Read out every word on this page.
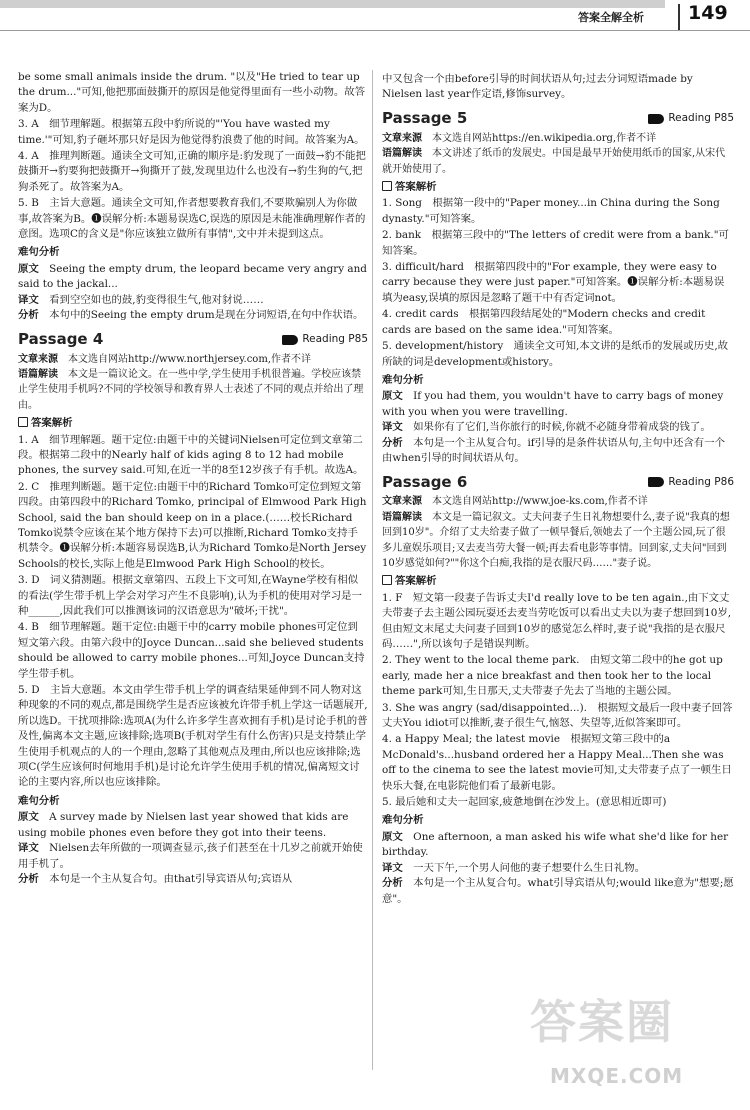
答案全解全析 149

be some small animals inside the drum. "以及"He tried to tear up the drum..."可知,他把那面鼓撕开的原因是他觉得里面有一些小动物。故答案为D。

3. A　细节理解题。根据第五段中豹所说的"'You have wasted my time.'"可知,豹子砸坏那只好是因为他觉得豹浪费了他的时间。故答案为A。

4. A　推理判断题。通读全文可知,正确的顺序是:豹发现了一面鼓→豹不能把鼓撕开→豹要狗把鼓撕开→狗撕开了鼓,发现里边什么也没有→豹生狗的气,把狗杀死了。故答案为A。

5. B　主旨大意题。通读全文可知,作者想要教育我们,不要欺骗别人为你做事,故答案为B。❶误解分析:本题易误选C,误选的原因是未能准确理解作者的意图。选项C的含义是"你应该独立做所有事情",文中并未提到这点。

难句分析

原文　 Seeing the empty drum, the leopard became very angry and said to the jackal...

译文　 看到空空如也的鼓,豹变得很生气,他对豺说……

分析　 本句中的Seeing the empty drum是现在分词短语,在句中作状语。

Passage 4	Reading P85

文章来源　 本文选自网站http://www.northjersey.com,作者不详

语篇解读　 本文是一篇议论文。在一些中学,学生使用手机很普遍。学校应该禁止学生使用手机吗?不同的学校领导和教育界人士表述了不同的观点并给出了理由。

答案解析

1. A　细节理解题。题干定位:由题干中的关键词Nielsen可定位到文章第二段。根据第二段中的Nearly half of kids aging 8 to 12 had mobile phones, the survey said.可知,在近一半的8至12岁孩子有手机。故选A。

2. C　推理判断题。题干定位:由题干中的Richard Tomko可定位到短文第四段。由第四段中的Richard Tomko, principal of Elmwood Park High School, said the ban should keep on in a place.(……校长Richard Tomko说禁令应该在某个地方保持下去)可以推断,Richard Tomko支持手机禁令。❶误解分析:本题容易误选B,认为Richard Tomko是North Jersey Schools的校长,实际上他是Elmwood Park High School的校长。

3. D　词义猜测题。根据文章第四、五段上下文可知,在Wayne学校有相似的看法(学生带手机上学会对学习产生不良影响),认为手机的使用对学习是一种______,因此我们可以推测该词的汉语意思为"破坏;干扰"。

4. B　细节理解题。题干定位:由题干中的carry mobile phones可定位到短文第六段。由第六段中的Joyce Duncan...said she believed students should be allowed to carry mobile phones...可知,Joyce Duncan支持学生带手机。

5. D　主旨大意题。本文由学生带手机上学的调查结果延伸到不同人物对这种现象的不同的观点,都是围绕学生是否应该被允许带手机上学这一话题展开,所以选D。干扰项排除:选项A(为什么许多学生喜欢拥有手机)是讨论手机的普及性,偏离本文主题,应该排除;选项B(手机对学生有什么伤害)只是支持禁止学生使用手机观点的人的一个理由,忽略了其他观点及理由,所以也应该排除;选项C(学生应该何时何地用手机)是讨论允许学生使用手机的情况,偏离短文讨论的主要内容,所以也应该排除。

难句分析

原文　 A survey made by Nielsen last year showed that kids are using mobile phones even before they got into their teens.

译文　 Nielsen去年所做的一项调查显示,孩子们甚至在十几岁之前就开始使用手机了。

分析　 本句是一个主从复合句。由that引导宾语从句;宾语从

中又包含一个由before引导的时间状语从句;过去分词短语made by Nielsen last year作定语,修饰survey。

Passage 5	Reading P85

文章来源　 本文选自网站https://en.wikipedia.org,作者不详

语篇解读　 本文讲述了纸币的发展史。中国是最早开始使用纸币的国家,从宋代就开始使用了。

答案解析

1. Song　根据第一段中的"Paper money...in China during the Song dynasty."可知答案。

2. bank　根据第三段中的"The letters of credit were from a bank."可知答案。

3. difficult/hard　根据第四段中的"For example, they were easy to carry because they were just paper."可知答案。❶误解分析:本题易误填为easy,误填的原因是忽略了题干中有否定词not。

4. credit cards　根据第四段结尾处的"Modern checks and credit cards are based on the same idea."可知答案。

5. development/history　通读全文可知,本文讲的是纸币的发展或历史,故所缺的词是development或history。

难句分析

原文　 If you had them, you wouldn't have to carry bags of money with you when you were travelling.

译文　 如果你有了它们,当你旅行的时候,你就不必随身带着成袋的钱了。

分析　 本句是一个主从复合句。if引导的是条件状语从句,主句中还含有一个由when引导的时间状语从句。

Passage 6	Reading P86

文章来源　 本文选自网站http://www.joe-ks.com,作者不详

语篇解读　 本文是一篇记叙文。丈夫问妻子生日礼物想要什么,妻子说"我真的想回到10岁"。介绍了丈夫给妻子做了一顿早餐后,领她去了一个主题公园,玩了很多儿童娱乐项目;又去麦当劳大餐一顿;再去看电影等事情。回到家,丈夫问"回到10岁感觉如何?""你这个白痴,我指的是衣服尺码……"妻子说。

答案解析

1. F　短文第一段妻子告诉丈夫I'd really love to be ten again.,由下文丈夫带妻子去主题公园玩耍还去麦当劳吃饭可以看出丈夫以为妻子想回到10岁,但由短文末尾丈夫问妻子回到10岁的感觉怎么样时,妻子说"我指的是衣服尺码……",所以该句子是错误判断。

2. They went to the local theme park.　由短文第二段中的he got up early, made her a nice breakfast and then took her to the local theme park可知,生日那天,丈夫带妻子先去了当地的主题公园。

3. She was angry (sad/disappointed...).　根据短文最后一段中妻子回答丈夫You idiot可以推断,妻子很生气,恼怒、失望等,近似答案即可。

4. a Happy Meal; the latest movie　根据短文第三段中的a McDonald's...husband ordered her a Happy Meal...Then she was off to the cinema to see the latest movie可知,丈夫带妻子点了一顿生日快乐大餐,在电影院他们看了最新电影。

5. 最后她和丈夫一起回家,疲惫地倒在沙发上。(意思相近即可)

难句分析

原文　 One afternoon, a man asked his wife what she'd like for her birthday.

译文　 一天下午,一个男人问他的妻子想要什么生日礼物。

分析　 本句是一个主从复合句。what引导宾语从句;would like意为"想要;愿意"。

答案圈
MXQE.COM
